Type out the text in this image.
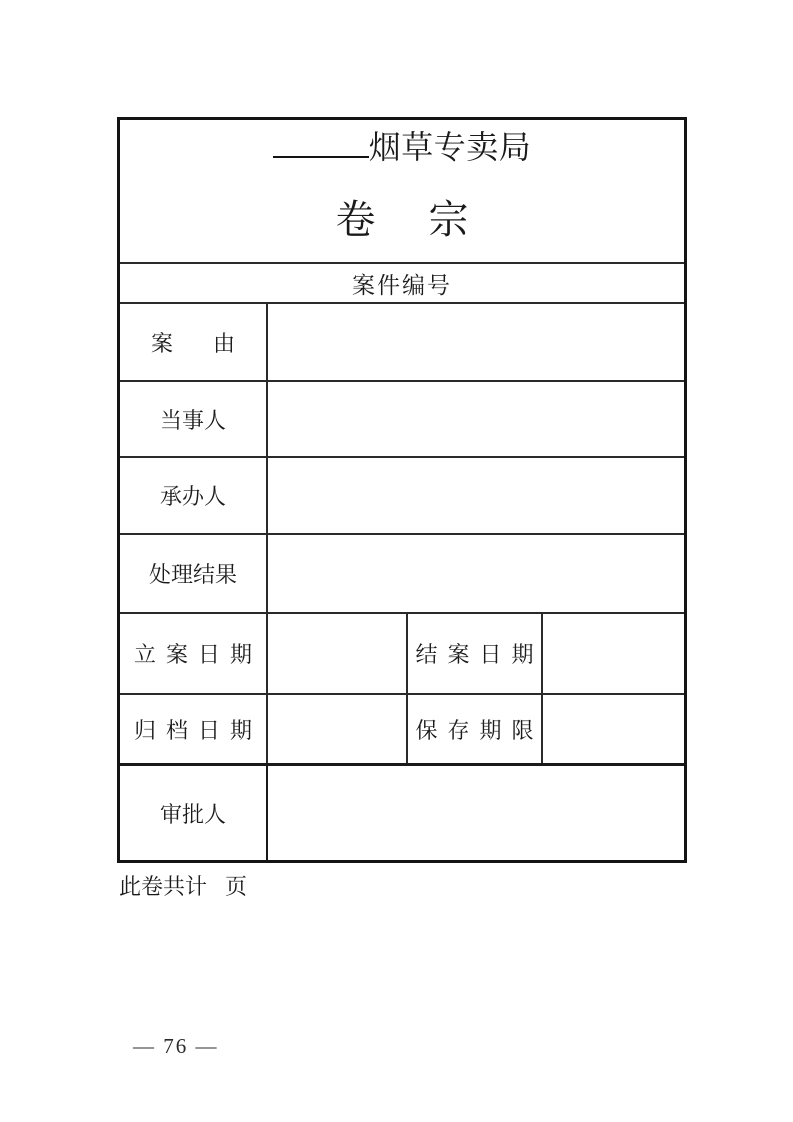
烟草专卖局
卷宗
案件编号
案由
当事人
承办人
处理结果
立案日期	结案日期
归档日期	保存期限
审批人
此卷共计 页
— 76 —
